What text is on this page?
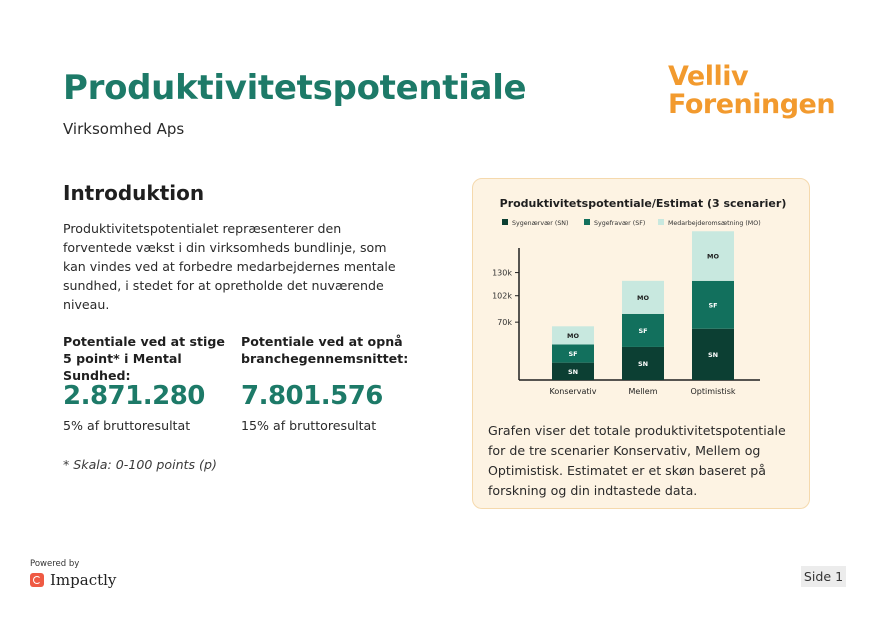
Produktivitetspotentiale
Virksomhed Aps
Velliv
Foreningen
Introduktion
Produktivitetspotentialet repræsenterer den forventede vækst i din virksomheds bundlinje, som kan vindes ved at forbedre medarbejdernes mentale sundhed, i stedet for at opretholde det nuværende niveau.
Potentiale ved at stige 5 point* i Mental Sundhed:
Potentiale ved at opnå branchegennemsnittet:
2.871.280 7.801.576
5% af bruttoresultat	15% af bruttoresultat
* Skala: 0-100 points (p)
Produktivitetspotentiale/Estimat (3 scenarier)
Sygenærvær (SN)	Sygefravær (SF)	Medarbejderomsætning (MO)
70k
102k
130k
SN
SF
MO
Konservativ
SN
SF
MO
Mellem
SN
SF
MO
Optimistisk
Grafen viser det totale produktivitetspotentiale for de tre scenarier Konservativ, Mellem og Optimistisk. Estimatet er et skøn baseret på forskning og din indtastede data.
Powered by
Impactly	Side 1
